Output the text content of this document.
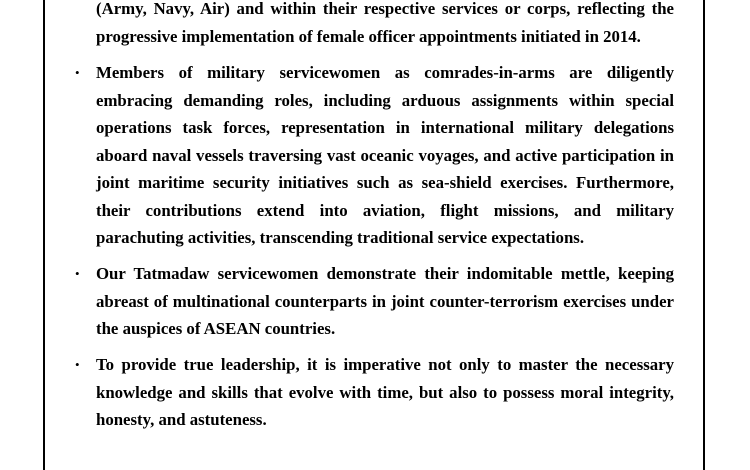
(Army, Navy, Air) and within their respective services or corps, reflecting the progressive implementation of female officer appointments initiated in 2014.

• Members of military servicewomen as comrades-in-arms are diligently embracing demanding roles, including arduous assignments within special operations task forces, representation in international military delegations aboard naval vessels traversing vast oceanic voyages, and active participation in joint maritime security initiatives such as sea-shield exercises. Furthermore, their contributions extend into aviation, flight missions, and military parachuting activities, transcending traditional service expectations.

• Our Tatmadaw servicewomen demonstrate their indomitable mettle, keeping abreast of multinational counterparts in joint counter-terrorism exercises under the auspices of ASEAN countries.

• To provide true leadership, it is imperative not only to master the necessary knowledge and skills that evolve with time, but also to possess moral integrity, honesty, and astuteness.
